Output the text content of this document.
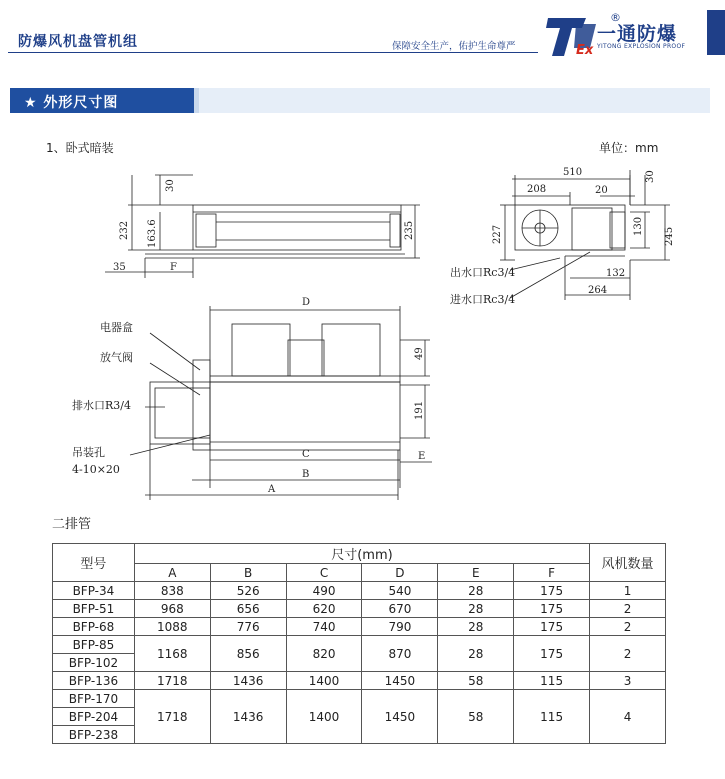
防爆风机盘管机组	保障安全生产，佑护生命尊严	Ex
®
一通防爆
YITONG EXPLOSION PROOF
★ 外形尺寸图
1、卧式暗装	单位：mm
30
232 163.6	235
35	F
510
208	20
30
227	130
245
132
264
出水口Rc3/4
进水口Rc3/4
D
49
191
C
B
A
E
电器盒
放气阀
排水口R3/4
吊装孔
4-10×20
二排管
型号	尺寸(mm)						风机数量
	A	B	C	D	E	F	
BFP-34	838	526	490	540	28	175	1
BFP-51	968	656	620	670	28	175	2
BFP-68	1088	776	740	790	28	175	2
BFP-85	1168	856	820	870	28	175	2
BFP-102							
BFP-136	1718	1436	1400	1450	58	115	3
BFP-170	1718	1436	1400	1450	58	115	4
BFP-204							
BFP-238							
